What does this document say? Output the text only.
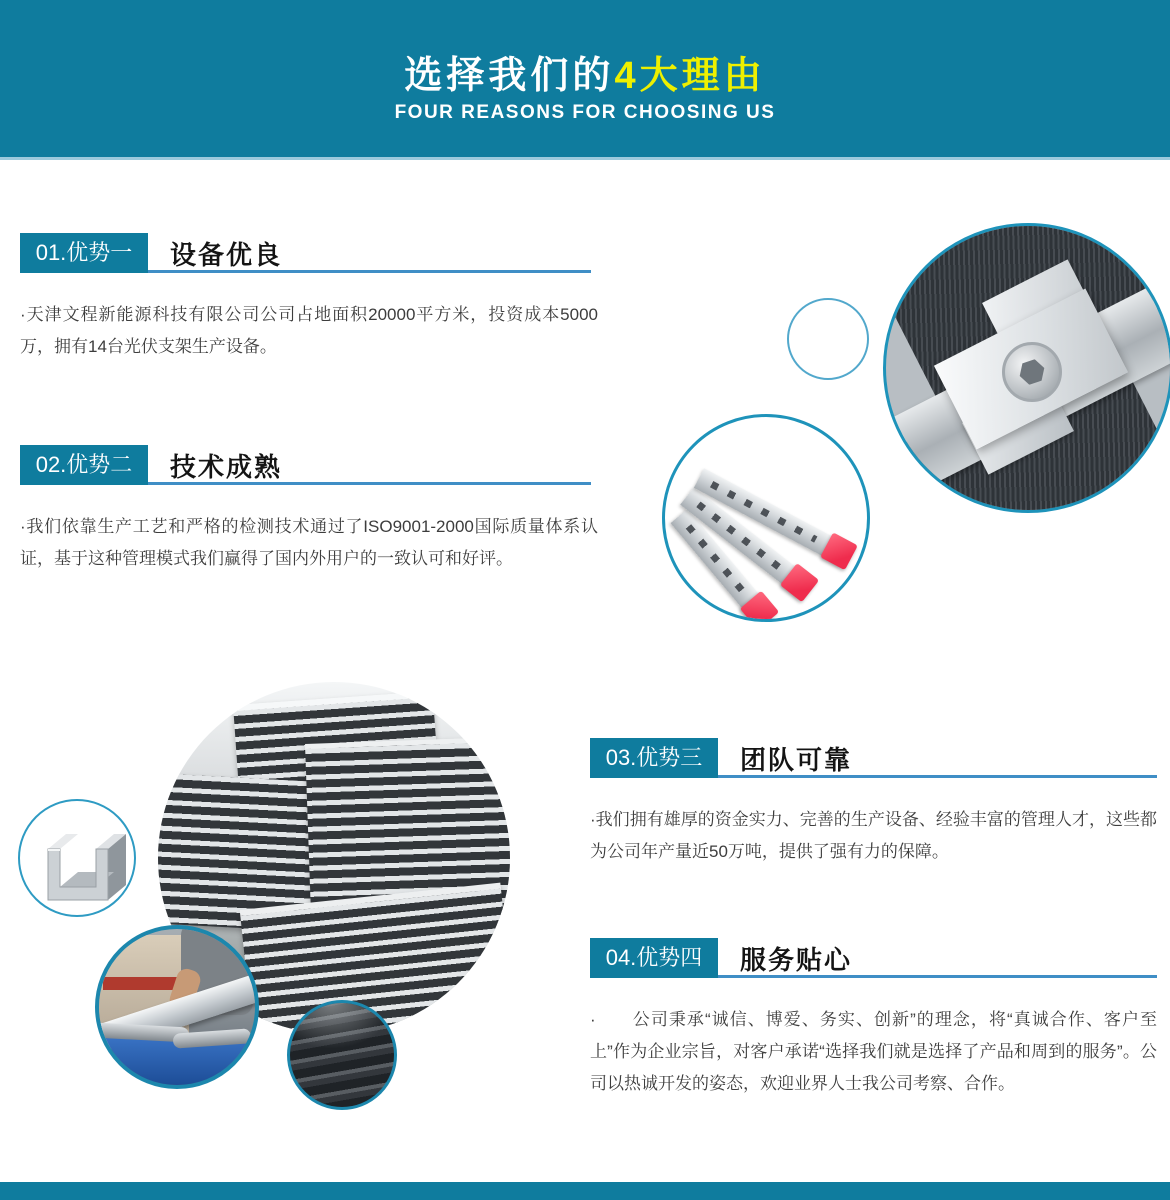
选择我们的4大理由
FOUR REASONS FOR CHOOSING US
01.优势一	设备优良
·天津文程新能源科技有限公司公司占地面积20000平方米，投资成本5000万，拥有14台光伏支架生产设备。
02.优势二	技术成熟
·我们依靠生产工艺和严格的检测技术通过了ISO9001-2000国际质量体系认证，基于这种管理模式我们赢得了国内外用户的一致认可和好评。
03.优势三	团队可靠
·我们拥有雄厚的资金实力、完善的生产设备、经验丰富的管理人才，这些都为公司年产量近50万吨，提供了强有力的保障。
04.优势四	服务贴心
·　　公司秉承“诚信、博爱、务实、创新”的理念，将“真诚合作、客户至上”作为企业宗旨，对客户承诺“选择我们就是选择了产品和周到的服务”。公司以热诚开发的姿态，欢迎业界人士我公司考察、合作。
